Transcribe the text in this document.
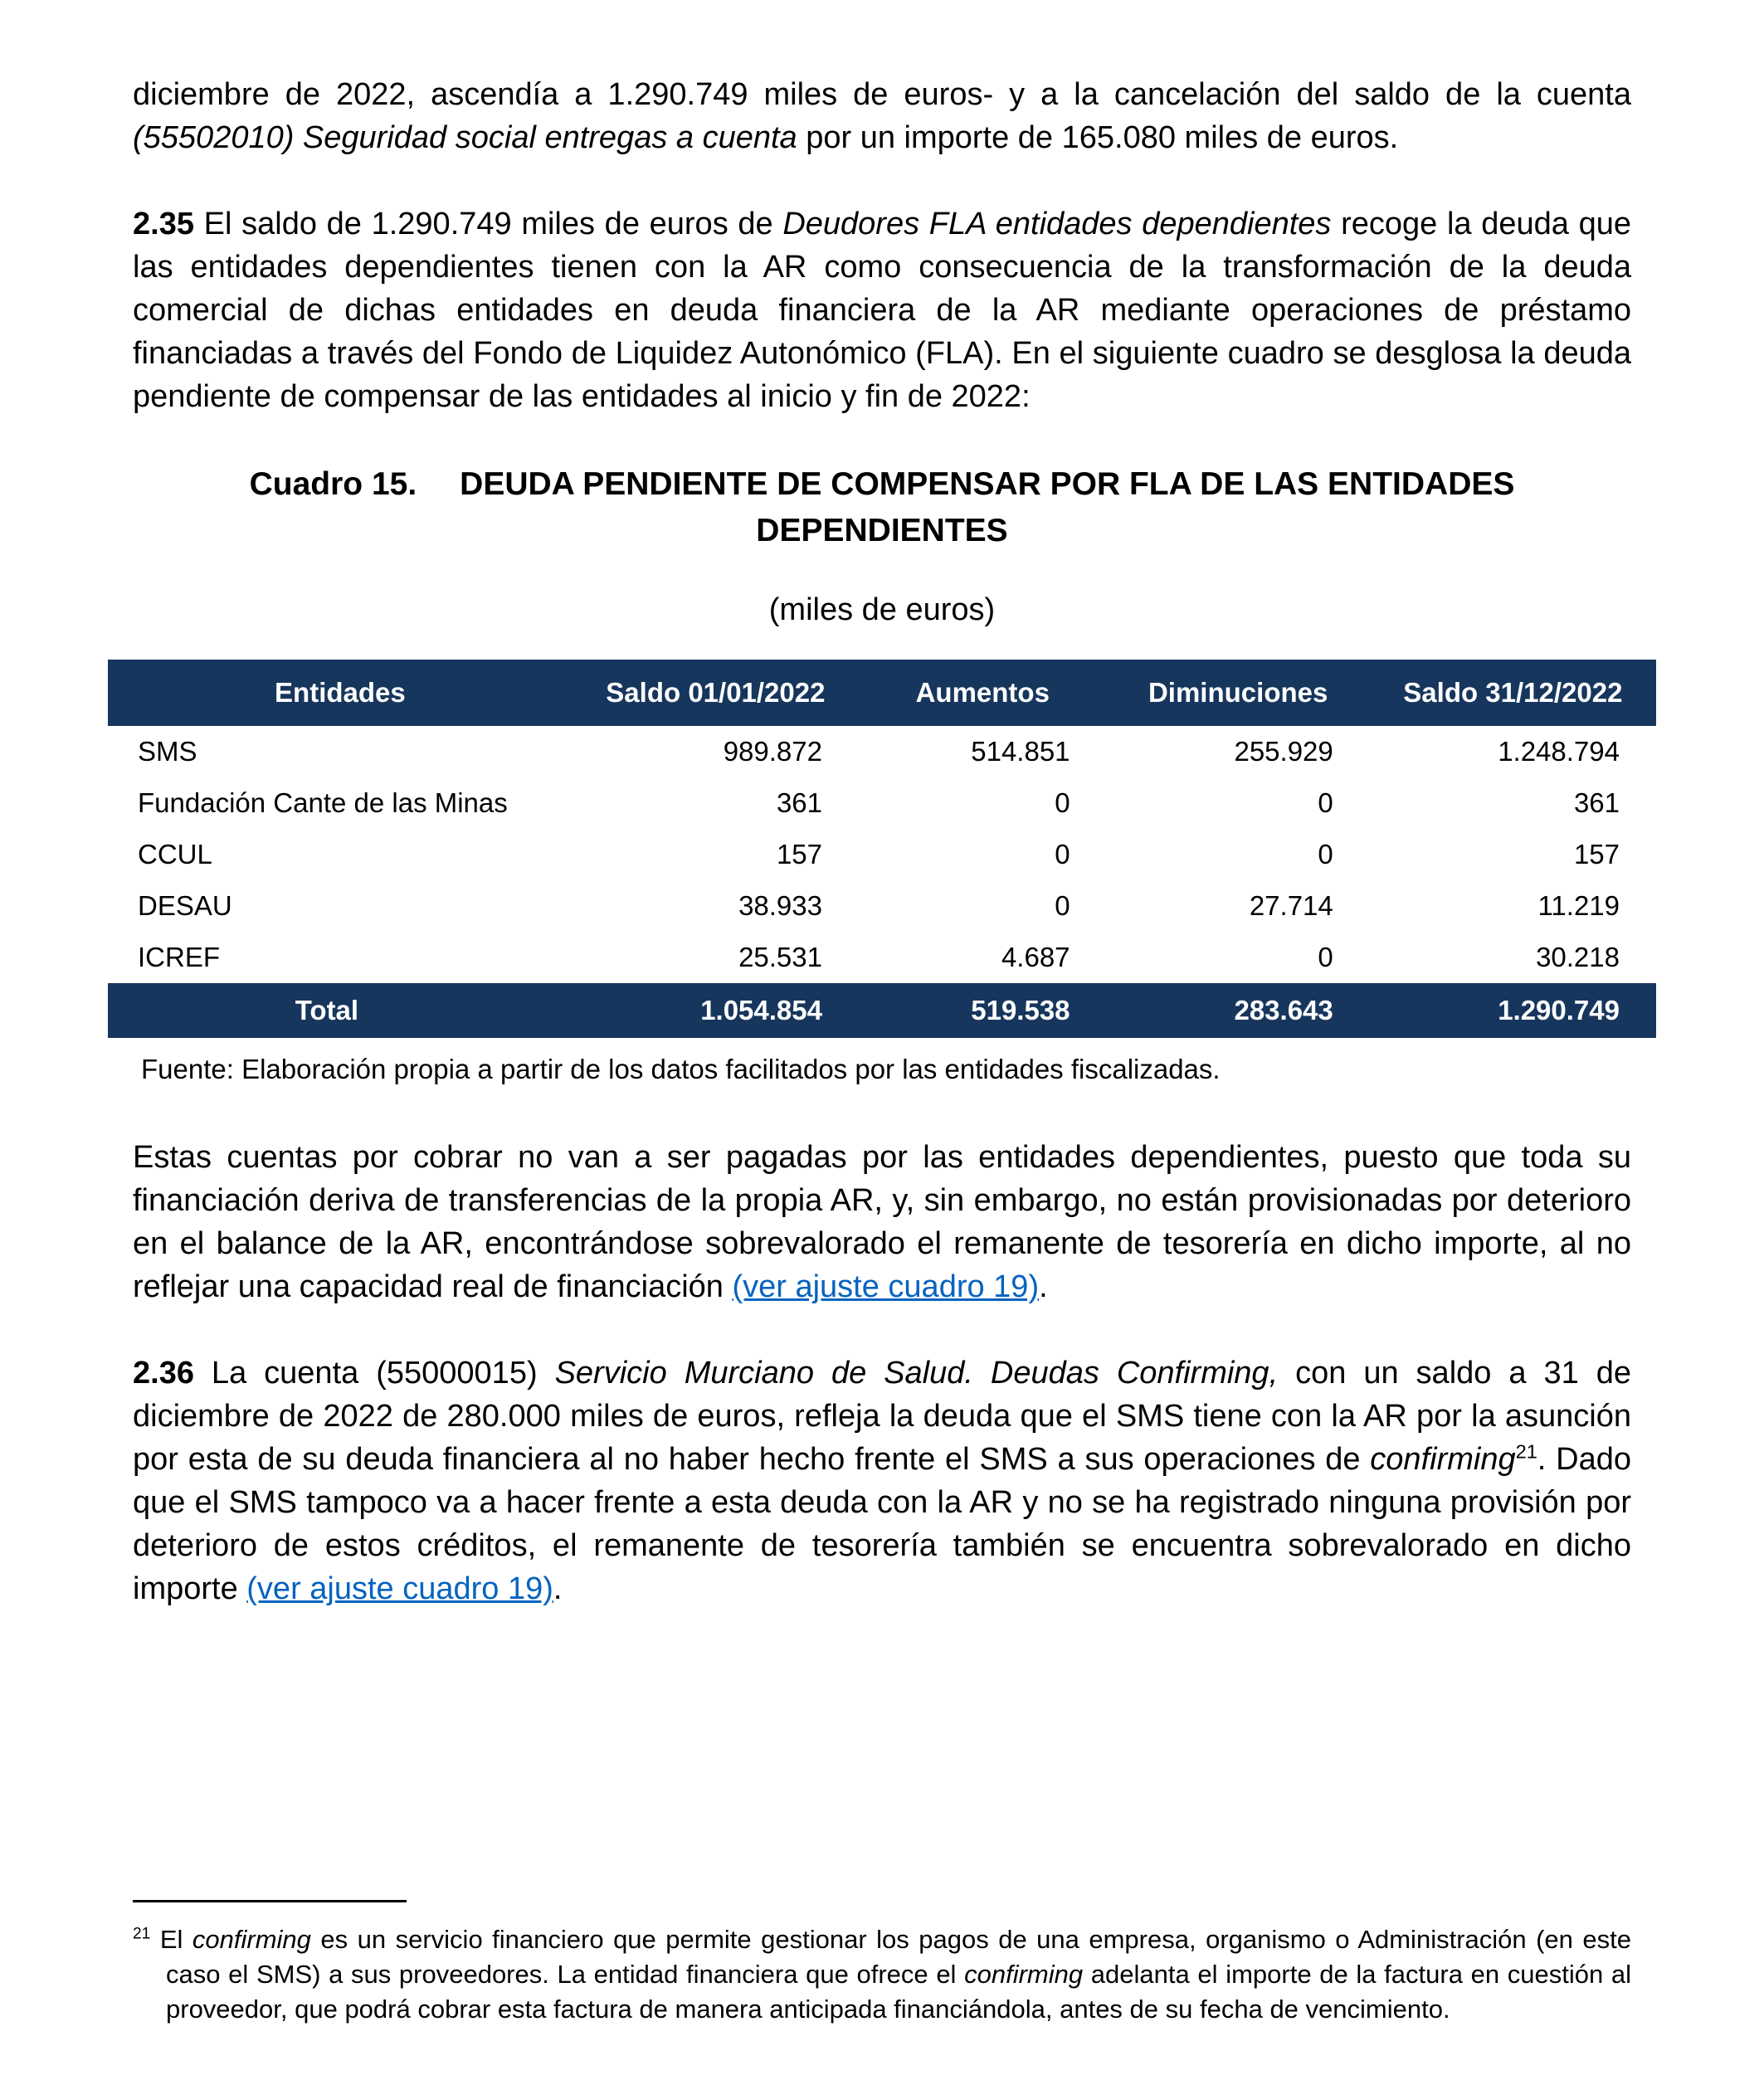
diciembre de 2022, ascendía a 1.290.749 miles de euros- y a la cancelación del saldo de la cuenta (55502010) Seguridad social entregas a cuenta por un importe de 165.080 miles de euros.

2.35 El saldo de 1.290.749 miles de euros de Deudores FLA entidades dependientes recoge la deuda que las entidades dependientes tienen con la AR como consecuencia de la transformación de la deuda comercial de dichas entidades en deuda financiera de la AR mediante operaciones de préstamo financiadas a través del Fondo de Liquidez Autonómico (FLA). En el siguiente cuadro se desglosa la deuda pendiente de compensar de las entidades al inicio y fin de 2022:

Cuadro 15. DEUDA PENDIENTE DE COMPENSAR POR FLA DE LAS ENTIDADES DEPENDIENTES
(miles de euros)
Entidades	Saldo 01/01/2022	Aumentos	Diminuciones	Saldo 31/12/2022
SMS	989.872	514.851	255.929	1.248.794
Fundación Cante de las Minas	361	0	0	361
CCUL	157	0	0	157
DESAU	38.933	0	27.714	11.219
ICREF	25.531	4.687	0	30.218
Total	1.054.854	519.538	283.643	1.290.749
Fuente: Elaboración propia a partir de los datos facilitados por las entidades fiscalizadas.

Estas cuentas por cobrar no van a ser pagadas por las entidades dependientes, puesto que toda su financiación deriva de transferencias de la propia AR, y, sin embargo, no están provisionadas por deterioro en el balance de la AR, encontrándose sobrevalorado el remanente de tesorería en dicho importe, al no reflejar una capacidad real de financiación (ver ajuste cuadro 19).

2.36 La cuenta (55000015) Servicio Murciano de Salud. Deudas Confirming, con un saldo a 31 de diciembre de 2022 de 280.000 miles de euros, refleja la deuda que el SMS tiene con la AR por la asunción por esta de su deuda financiera al no haber hecho frente el SMS a sus operaciones de confirming$^{21}$. Dado que el SMS tampoco va a hacer frente a esta deuda con la AR y no se ha registrado ninguna provisión por deterioro de estos créditos, el remanente de tesorería también se encuentra sobrevalorado en dicho importe (ver ajuste cuadro 19).

$^{21}$ El confirming es un servicio financiero que permite gestionar los pagos de una empresa, organismo o Administración (en este caso el SMS) a sus proveedores. La entidad financiera que ofrece el confirming adelanta el importe de la factura en cuestión al proveedor, que podrá cobrar esta factura de manera anticipada financiándola, antes de su fecha de vencimiento.
